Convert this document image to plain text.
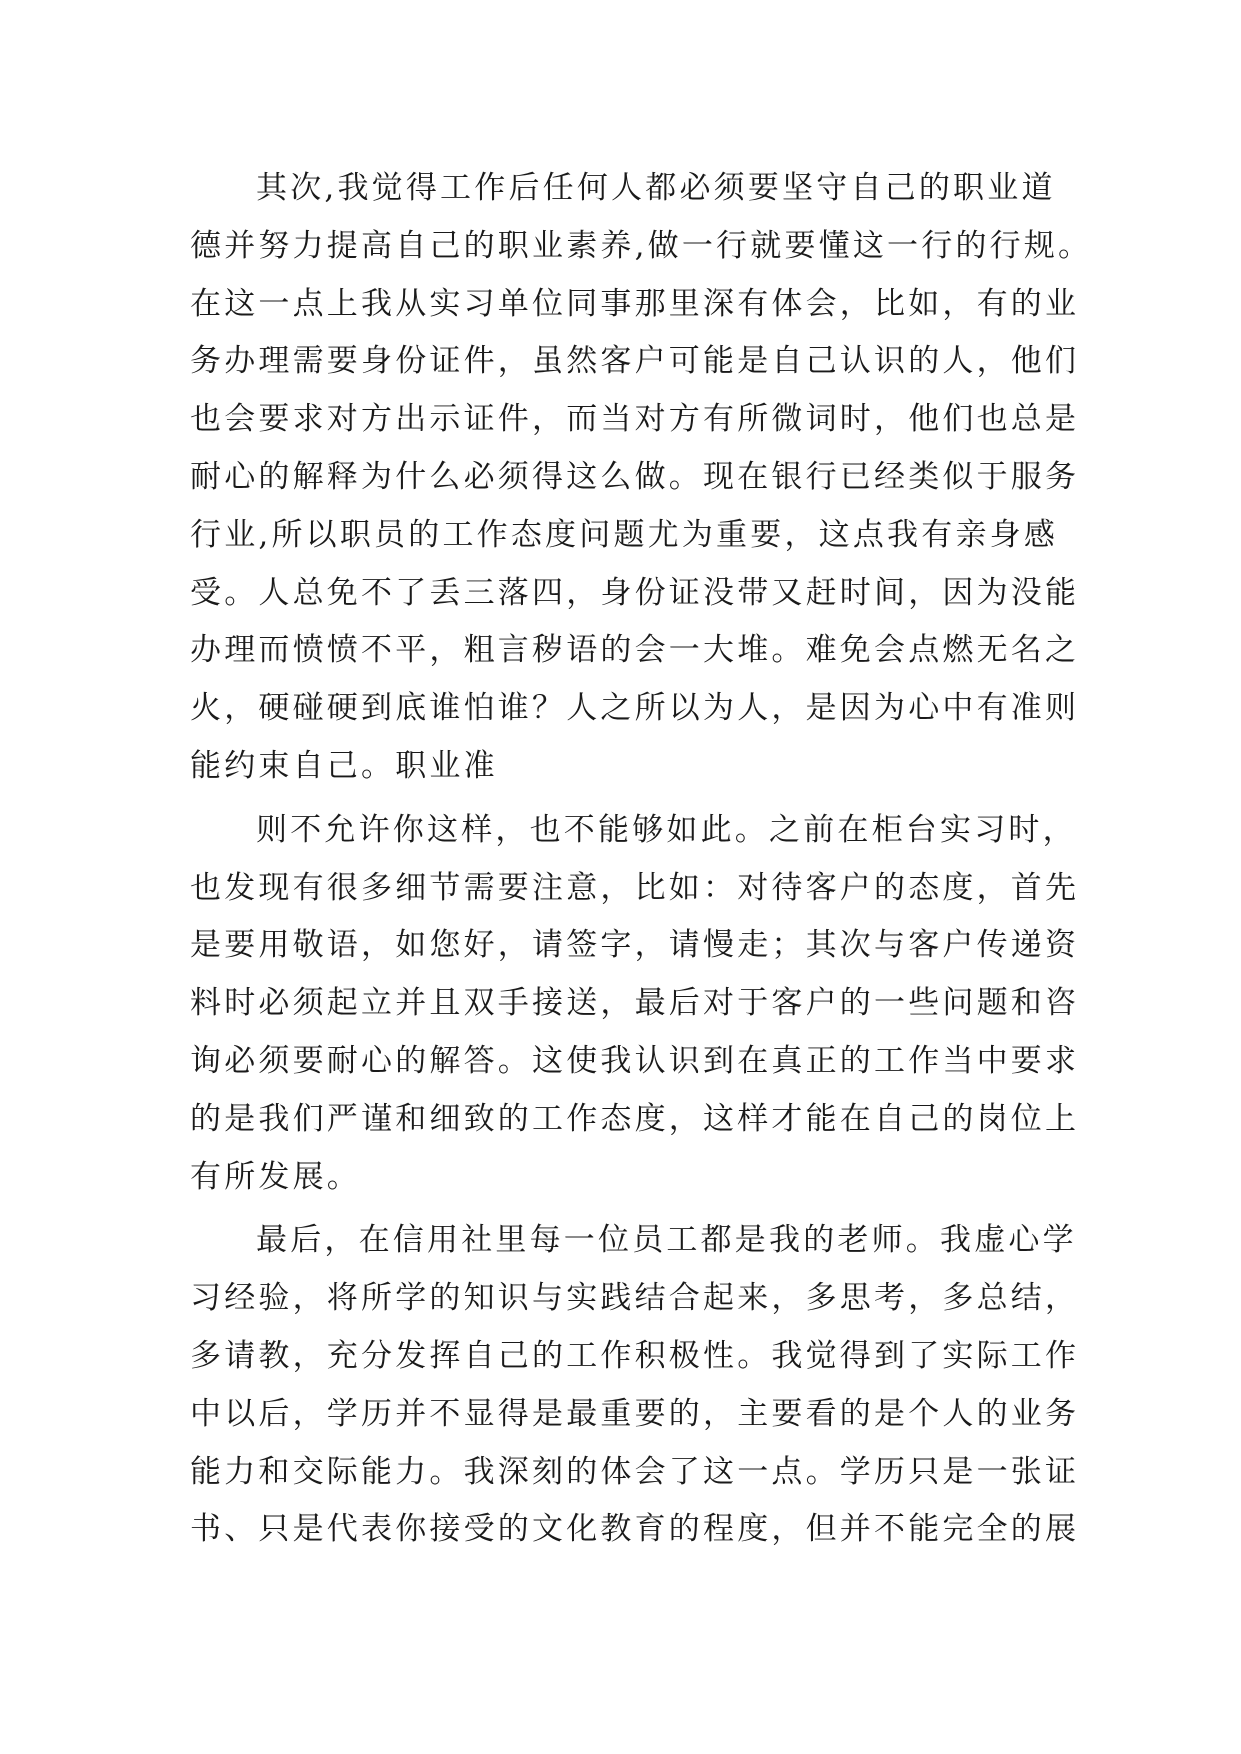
其次,我觉得工作后任何人都必须要坚守自己的职业道
德并努力提高自己的职业素养,做一行就要懂这一行的行规。
在这一点上我从实习单位同事那里深有体会，比如，有的业
务办理需要身份证件，虽然客户可能是自己认识的人，他们
也会要求对方出示证件，而当对方有所微词时，他们也总是
耐心的解释为什么必须得这么做。现在银行已经类似于服务
行业,所以职员的工作态度问题尤为重要，这点我有亲身感
受。人总免不了丢三落四，身份证没带又赶时间，因为没能
办理而愤愤不平，粗言秽语的会一大堆。难免会点燃无名之
火，硬碰硬到底谁怕谁？人之所以为人，是因为心中有准则
能约束自己。职业准
则不允许你这样，也不能够如此。之前在柜台实习时，
也发现有很多细节需要注意，比如：对待客户的态度，首先
是要用敬语，如您好，请签字，请慢走；其次与客户传递资
料时必须起立并且双手接送，最后对于客户的一些问题和咨
询必须要耐心的解答。这使我认识到在真正的工作当中要求
的是我们严谨和细致的工作态度，这样才能在自己的岗位上
有所发展。
最后，在信用社里每一位员工都是我的老师。我虚心学
习经验，将所学的知识与实践结合起来，多思考，多总结，
多请教，充分发挥自己的工作积极性。我觉得到了实际工作
中以后，学历并不显得是最重要的，主要看的是个人的业务
能力和交际能力。我深刻的体会了这一点。学历只是一张证
书、只是代表你接受的文化教育的程度，但并不能完全的展
